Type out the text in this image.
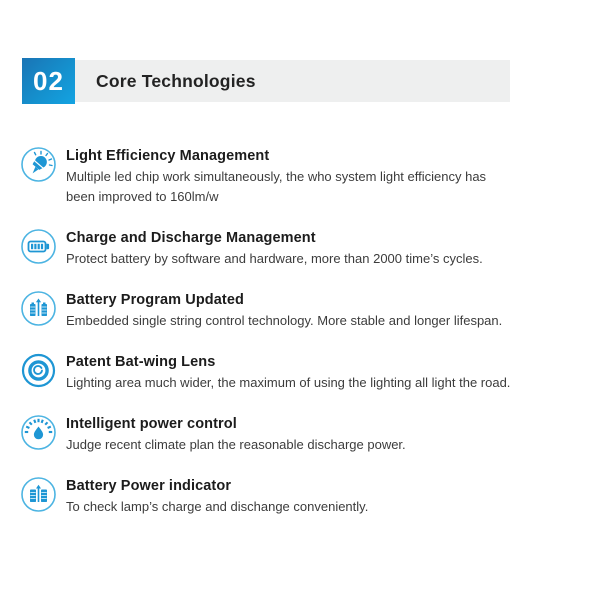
02	Core Technologies
Light Efficiency Management
Multiple led chip work simultaneously, the who system light efficiency has been improved to 160lm/w
Charge and Discharge Management
Protect battery by software and hardware, more than 2000 time’s cycles.
Battery Program Updated
Embedded single string control technology. More stable and longer lifespan.
Patent Bat-wing Lens
Lighting area much wider, the maximum of using the lighting all light the road.
Intelligent power control
Judge recent climate plan the reasonable discharge power.
Battery Power indicator
To check lamp’s charge and dischange conveniently.
